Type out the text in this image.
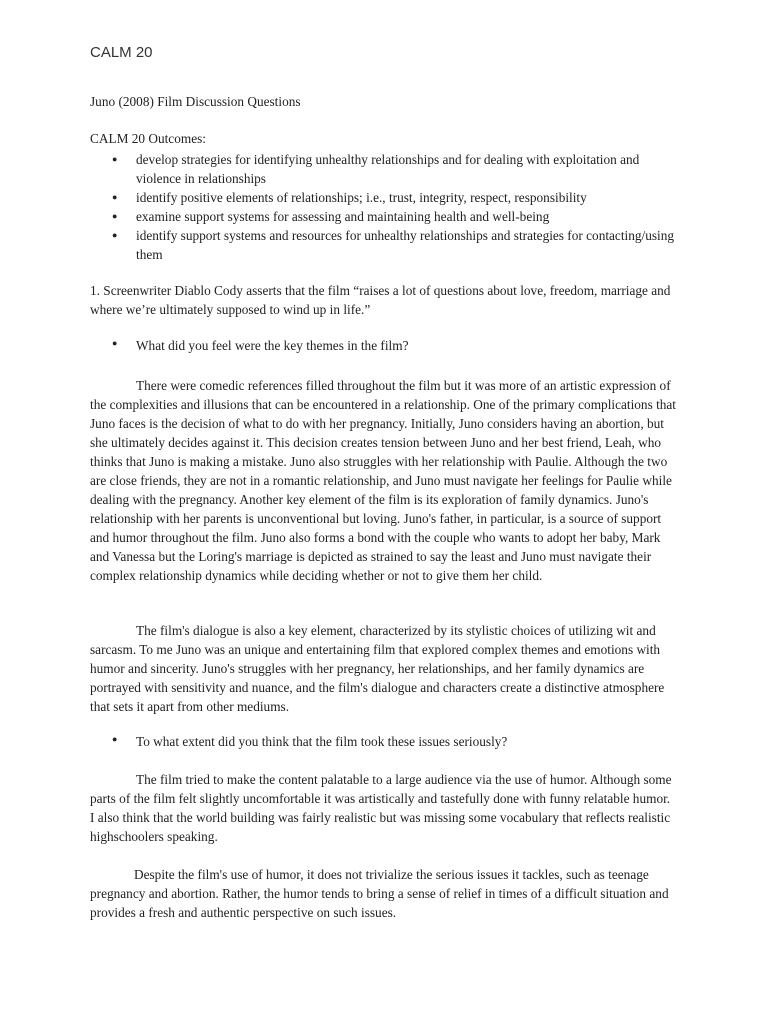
CALM 20
Juno (2008) Film Discussion Questions
CALM 20 Outcomes:
● develop strategies for identifying unhealthy relationships and for dealing with exploitation and violence in relationships
● identify positive elements of relationships; i.e., trust, integrity, respect, responsibility
● examine support systems for assessing and maintaining health and well-being
● identify support systems and resources for unhealthy relationships and strategies for contacting/using them
1. Screenwriter Diablo Cody asserts that the film “raises a lot of questions about love, freedom, marriage and where we’re ultimately supposed to wind up in life.”
● What did you feel were the key themes in the film?
There were comedic references filled throughout the film but it was more of an artistic expression of the complexities and illusions that can be encountered in a relationship. One of the primary complications that Juno faces is the decision of what to do with her pregnancy. Initially, Juno considers having an abortion, but she ultimately decides against it. This decision creates tension between Juno and her best friend, Leah, who thinks that Juno is making a mistake. Juno also struggles with her relationship with Paulie. Although the two are close friends, they are not in a romantic relationship, and Juno must navigate her feelings for Paulie while dealing with the pregnancy. Another key element of the film is its exploration of family dynamics. Juno's relationship with her parents is unconventional but loving. Juno's father, in particular, is a source of support and humor throughout the film. Juno also forms a bond with the couple who wants to adopt her baby, Mark and Vanessa but the Loring's marriage is depicted as strained to say the least and Juno must navigate their complex relationship dynamics while deciding whether or not to give them her child.
The film's dialogue is also a key element, characterized by its stylistic choices of utilizing wit and sarcasm. To me Juno was an unique and entertaining film that explored complex themes and emotions with humor and sincerity. Juno's struggles with her pregnancy, her relationships, and her family dynamics are portrayed with sensitivity and nuance, and the film's dialogue and characters create a distinctive atmosphere that sets it apart from other mediums.
● To what extent did you think that the film took these issues seriously?
The film tried to make the content palatable to a large audience via the use of humor. Although some parts of the film felt slightly uncomfortable it was artistically and tastefully done with funny relatable humor. I also think that the world building was fairly realistic but was missing some vocabulary that reflects realistic highschoolers speaking.
Despite the film's use of humor, it does not trivialize the serious issues it tackles, such as teenage pregnancy and abortion. Rather, the humor tends to bring a sense of relief in times of a difficult situation and provides a fresh and authentic perspective on such issues.
